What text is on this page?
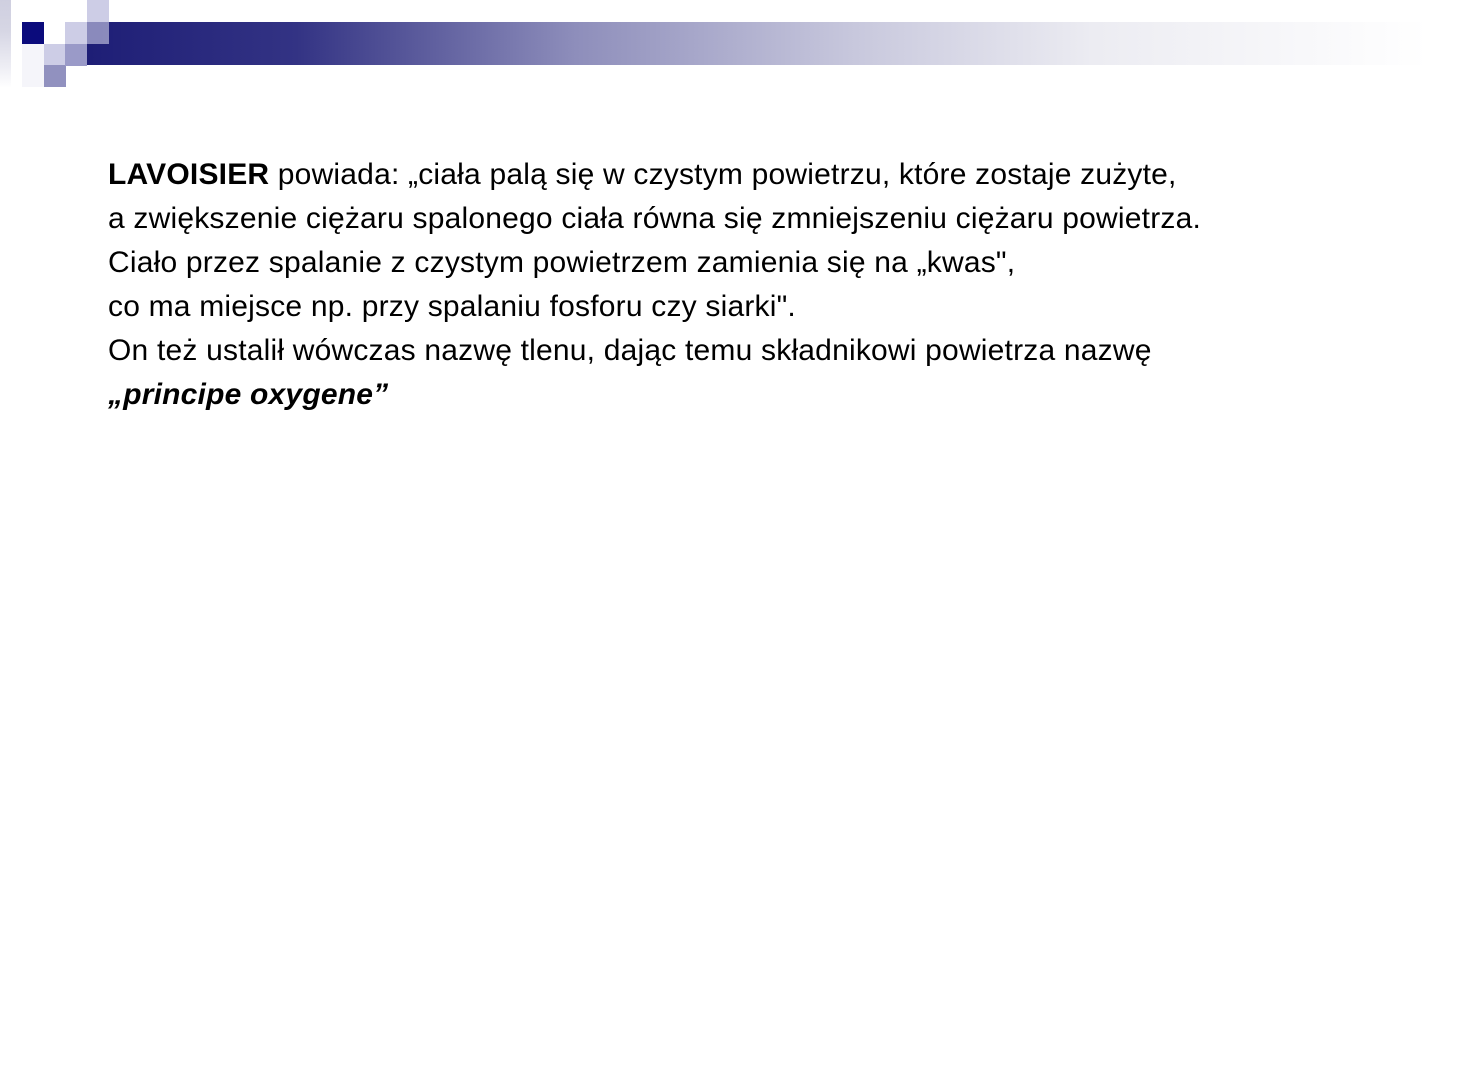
LAVOISIER powiada: „ciała palą się w czystym powietrzu, które zostaje zużyte,
a zwiększenie ciężaru spalonego ciała równa się zmniejszeniu ciężaru powietrza.
Ciało przez spalanie z czystym powietrzem zamienia się na „kwas",
co ma miejsce np. przy spalaniu fosforu czy siarki".
On też ustalił wówczas nazwę tlenu, dając temu składnikowi powietrza nazwę
„principe oxygene”
